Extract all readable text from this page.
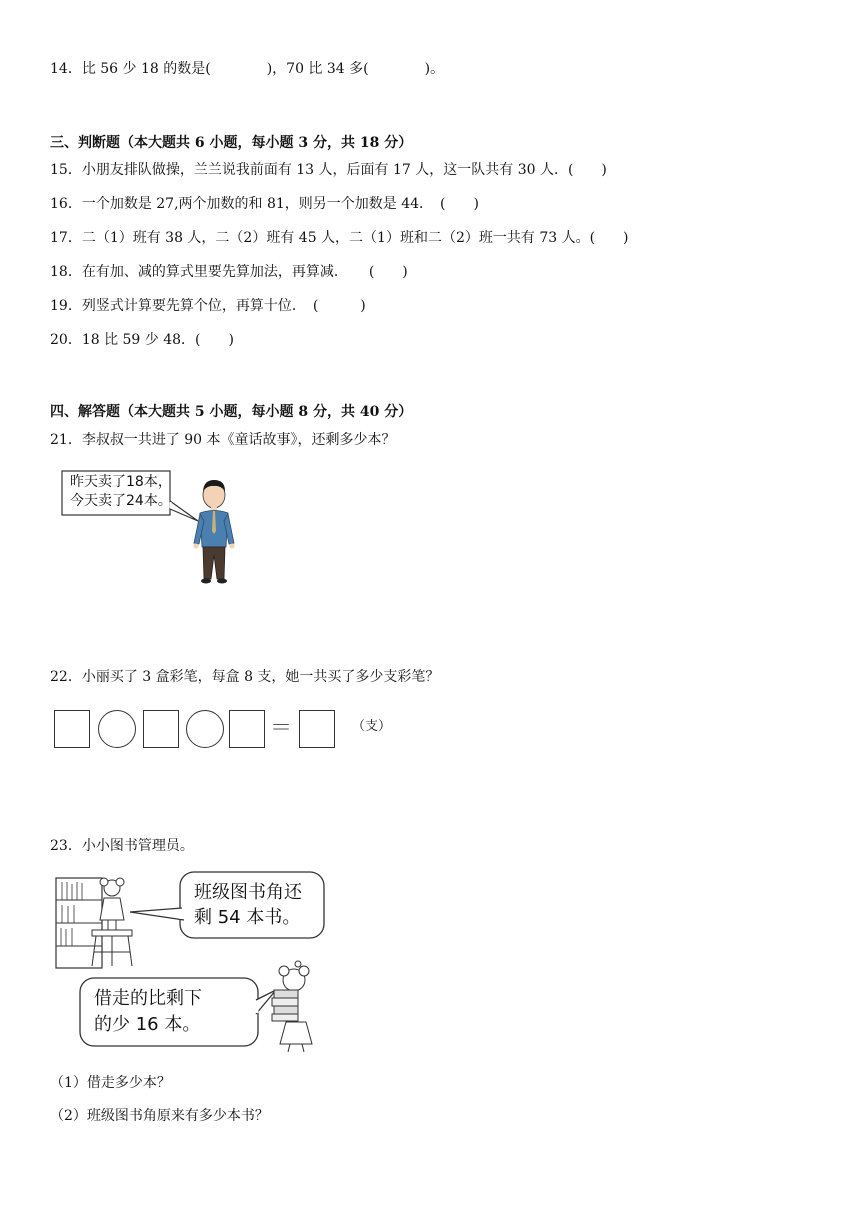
14．比 56 少 18 的数是(　　　　)，70 比 34 多(　　　　)。
三、判断题（本大题共 6 小题，每小题 3 分，共 18 分）
15．小朋友排队做操，兰兰说我前面有 13 人，后面有 17 人，这一队共有 30 人．(　　)
16．一个加数是 27,两个加数的和 81，则另一个加数是 44．　(　　)
17．二（1）班有 38 人，二（2）班有 45 人，二（1）班和二（2）班一共有 73 人。(　　)
18．在有加、减的算式里要先算加法，再算减．　　(　　)
19．列竖式计算要先算个位，再算十位．　(　　　)
20．18 比 59 少 48．(　　)
四、解答题（本大题共 5 小题，每小题 8 分，共 40 分）
21．李叔叔一共进了 90 本《童话故事》，还剩多少本？
昨天卖了18本，
今天卖了24本。
22．小丽买了 3 盒彩笔，每盒 8 支，她一共买了多少支彩笔？
＝	（支）
23．小小图书管理员。
班级图书角还
剩 54 本书。
借走的比剩下
的少 16 本。
（1）借走多少本？
（2）班级图书角原来有多少本书？
